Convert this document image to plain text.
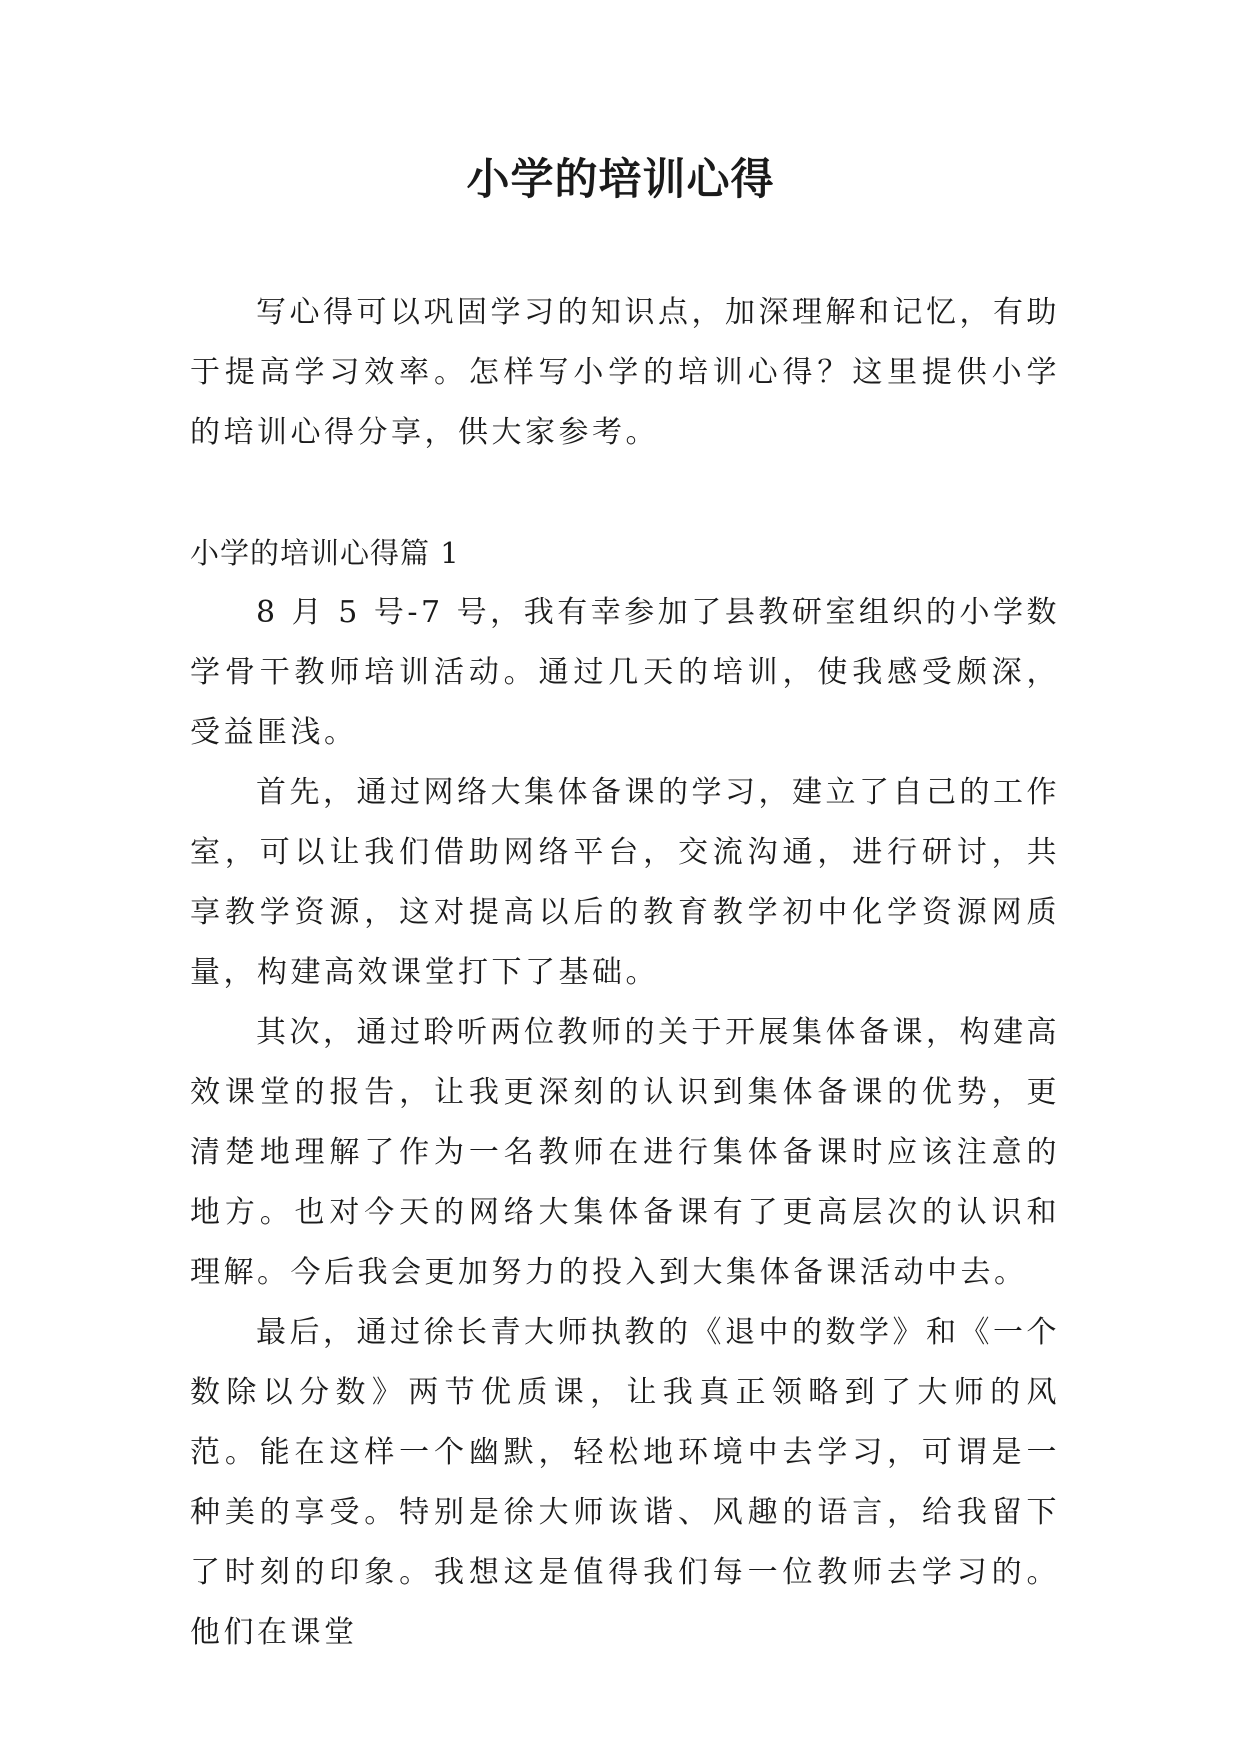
小学的培训心得

写心得可以巩固学习的知识点，加深理解和记忆，有助于提高学习效率。怎样写小学的培训心得？这里提供小学的培训心得分享，供大家参考。

小学的培训心得篇 1

8 月 5 号-7 号，我有幸参加了县教研室组织的小学数学骨干教师培训活动。通过几天的培训，使我感受颇深，受益匪浅。

首先，通过网络大集体备课的学习，建立了自己的工作室，可以让我们借助网络平台，交流沟通，进行研讨，共享教学资源，这对提高以后的教育教学初中化学资源网质量，构建高效课堂打下了基础。

其次，通过聆听两位教师的关于开展集体备课，构建高效课堂的报告，让我更深刻的认识到集体备课的优势，更清楚地理解了作为一名教师在进行集体备课时应该注意的地方。也对今天的网络大集体备课有了更高层次的认识和理解。今后我会更加努力的投入到大集体备课活动中去。

最后，通过徐长青大师执教的《退中的数学》和《一个数除以分数》两节优质课，让我真正领略到了大师的风范。能在这样一个幽默，轻松地环境中去学习，可谓是一种美的享受。特别是徐大师诙谐、风趣的语言，给我留下了时刻的印象。我想这是值得我们每一位教师去学习的。他们在课堂
